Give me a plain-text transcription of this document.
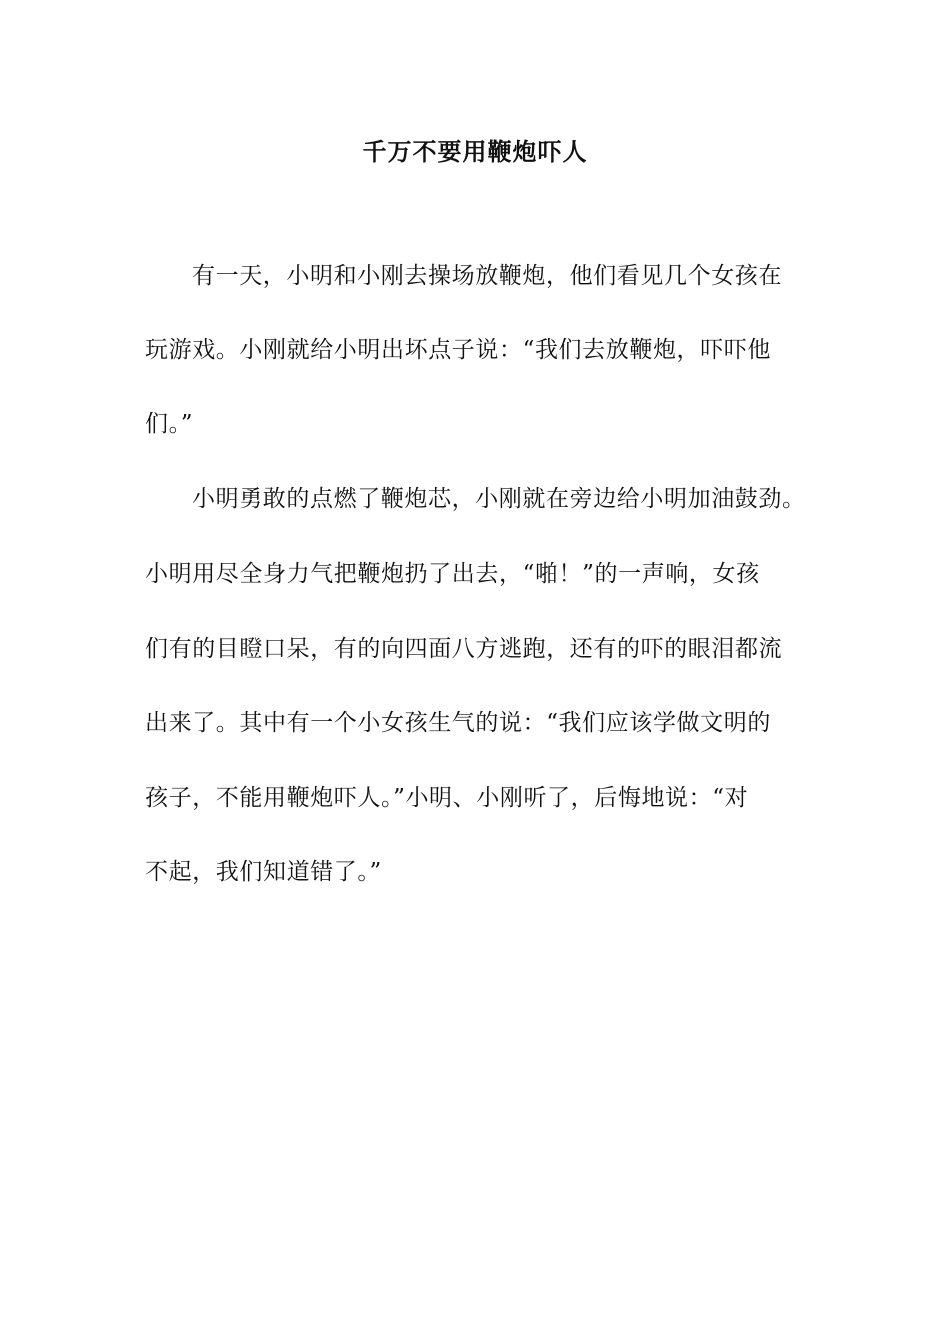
千万不要用鞭炮吓人
有一天，小明和小刚去操场放鞭炮，他们看见几个女孩在
玩游戏。小刚就给小明出坏点子说：“我们去放鞭炮，吓吓他
们。”
小明勇敢的点燃了鞭炮芯，小刚就在旁边给小明加油鼓劲。
小明用尽全身力气把鞭炮扔了出去，“啪！”的一声响，女孩
们有的目瞪口呆，有的向四面八方逃跑，还有的吓的眼泪都流
出来了。其中有一个小女孩生气的说：“我们应该学做文明的
孩子，不能用鞭炮吓人。”小明、小刚听了，后悔地说：“对
不起，我们知道错了。”
